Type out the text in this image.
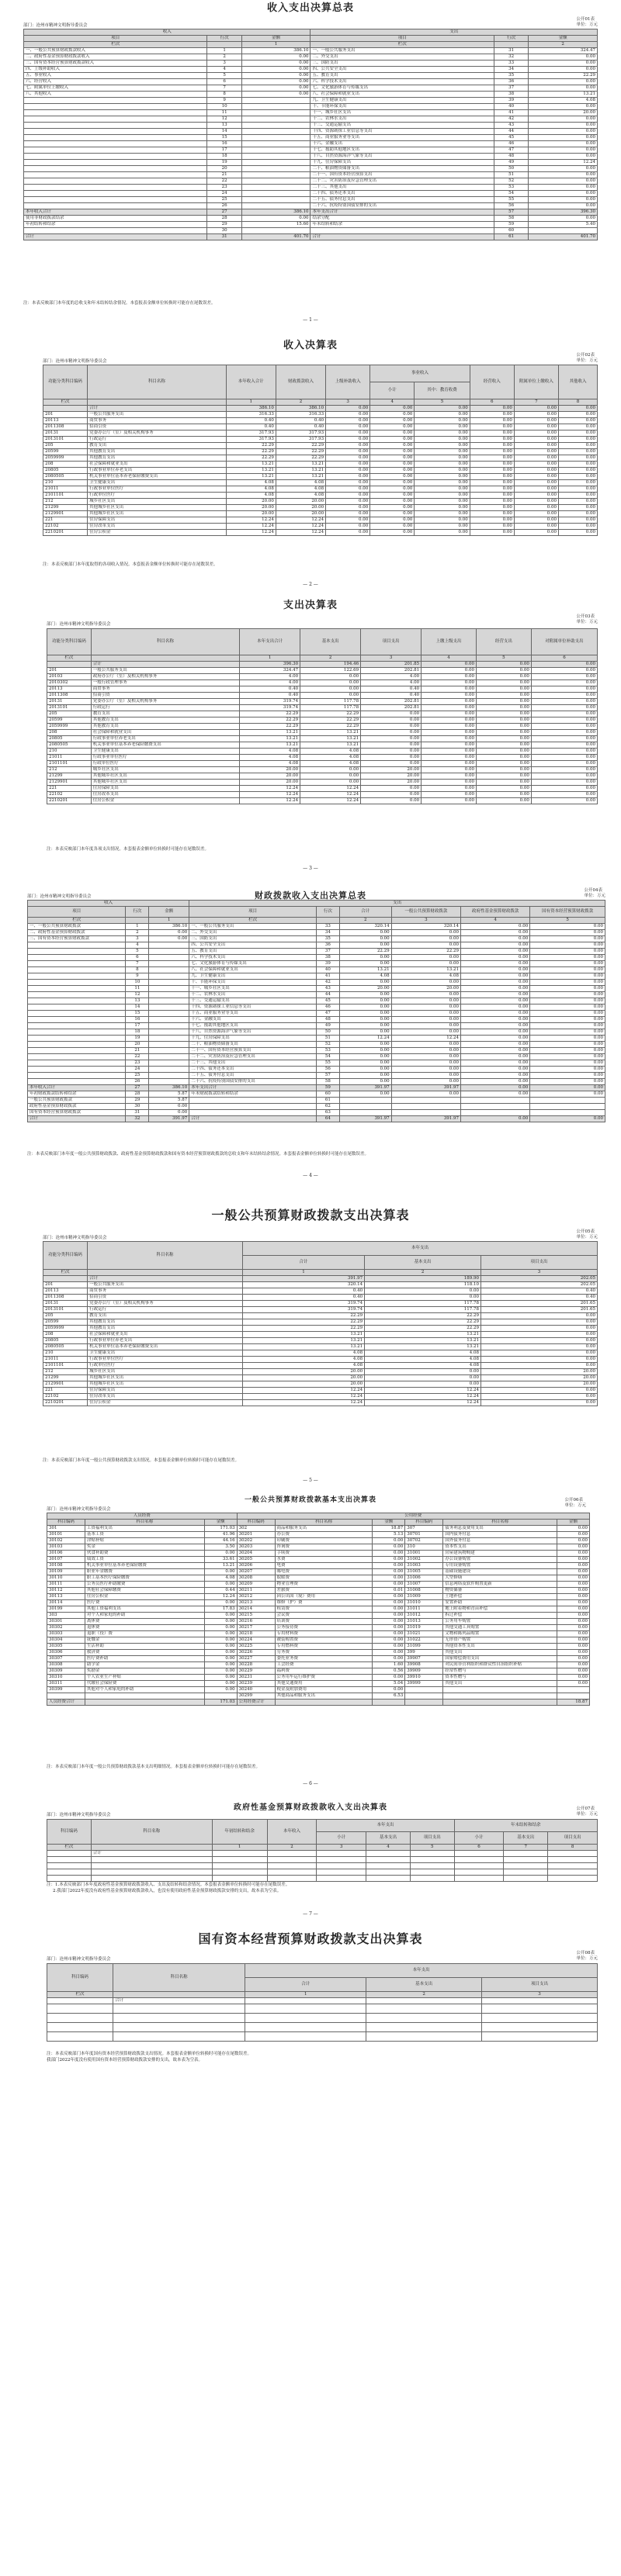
收入支出决算总表
公开01表
单位：万元
部门：沧州市精神文明指导委员会
收入			支出		
项目	行次	金额	项目	行次	金额
栏次		1	栏次		2
一、一般公共预算财政拨款收入	1	386.10	一、一般公共服务支出	31	324.47
二、政府性基金预算财政拨款收入	2	0.00	二、外交支出	32	0.00
三、国有资本经营预算财政拨款收入	3	0.00	三、国防支出	33	0.00
四、上级补助收入	4	0.00	四、公共安全支出	34	0.00
五、事业收入	5	0.00	五、教育支出	35	22.29
六、经营收入	6	0.00	六、科学技术支出	36	0.00
七、附属单位上缴收入	7	0.00	七、文化旅游体育与传媒支出	37	0.00
八、其他收入	8	0.00	八、社会保障和就业支出	38	13.21
	9		九、卫生健康支出	39	4.08
	10		十、节能环保支出	40	0.00
	11		十一、城乡社区支出	41	20.00
	12		十二、农林水支出	42	0.00
	13		十三、交通运输支出	43	0.00
	14		十四、资源勘探工业信息等支出	44	0.00
	15		十五、商业服务业等支出	45	0.00
	16		十六、金融支出	46	0.00
	17		十七、援助其他地区支出	47	0.00
	18		十八、自然资源海洋气象等支出	48	0.00
	19		十九、住房保障支出	49	12.24
	20		二十、粮油物资储备支出	50	0.00
	21		二十一、国有资本经营预算支出	51	0.00
	22		二十二、灾害防治及应急管理支出	52	0.00
	23		二十三、其他支出	53	0.00
	24		二十四、债务还本支出	54	0.00
	25		二十五、债务付息支出	55	0.00
	26		二十六、抗疫特别国债安排的支出	56	0.00
本年收入合计	27	386.10	本年支出合计	57	396.30
使用非财政拨款结余	28	0.00	结余分配	58	0.00
年初结转和结余	29	15.60	年末结转和结余	59	5.40
	30			60	
合计	31	401.70	合计	61	401.70
注：本表反映部门本年度的总收支和年末结转结余情况。本套报表金额单位转换时可能存在尾数误差。
— 1 —
收入决算表
公开02表
单位：万元
部门：沧州市精神文明指导委员会
功能分类科目编码	科目名称	本年收入合计	财政拨款收入	上级补助收入	事业收入		经营收入	附属单位上缴收入	其他收入
					小计	其中：教育收费			
栏次		1	2	3	4	5	6	7	8
	合计	386.10	386.10	0.00	0.00	0.00	0.00	0.00	0.00
201	一般公共服务支出	316.33	316.33	0.00	0.00	0.00	0.00	0.00	0.00
20113	商贸事务	0.40	0.40	0.00	0.00	0.00	0.00	0.00	0.00
2011308	招商引资	0.40	0.40	0.00	0.00	0.00	0.00	0.00	0.00
20131	党委办公厅（室）及相关机构事务	317.93	317.93	0.00	0.00	0.00	0.00	0.00	0.00
2013101	行政运行	317.93	317.93	0.00	0.00	0.00	0.00	0.00	0.00
205	教育支出	22.29	22.29	0.00	0.00	0.00	0.00	0.00	0.00
20599	其他教育支出	22.29	22.29	0.00	0.00	0.00	0.00	0.00	0.00
2059999	其他教育支出	22.29	22.29	0.00	0.00	0.00	0.00	0.00	0.00
208	社会保障和就业支出	13.21	13.21	0.00	0.00	0.00	0.00	0.00	0.00
20805	行政事业单位养老支出	13.21	13.21	0.00	0.00	0.00	0.00	0.00	0.00
2080505	机关事业单位基本养老保险缴费支出	13.21	13.21	0.00	0.00	0.00	0.00	0.00	0.00
210	卫生健康支出	4.08	4.08	0.00	0.00	0.00	0.00	0.00	0.00
21011	行政事业单位医疗	4.08	4.08	0.00	0.00	0.00	0.00	0.00	0.00
2101101	行政单位医疗	4.08	4.08	0.00	0.00	0.00	0.00	0.00	0.00
212	城乡社区支出	20.00	20.00	0.00	0.00	0.00	0.00	0.00	0.00
21299	其他城乡社区支出	20.00	20.00	0.00	0.00	0.00	0.00	0.00	0.00
2129901	其他城乡社区支出	20.00	20.00	0.00	0.00	0.00	0.00	0.00	0.00
221	住房保障支出	12.24	12.24	0.00	0.00	0.00	0.00	0.00	0.00
22102	住房改革支出	12.24	12.24	0.00	0.00	0.00	0.00	0.00	0.00
2210201	住房公积金	12.24	12.24	0.00	0.00	0.00	0.00	0.00	0.00
注：本表反映部门本年度取得的各项收入情况。本套报表金额单位转换时可能存在尾数误差。
— 2 —
支出决算表
公开03表
单位：万元
部门：沧州市精神文明指导委员会
功能分类科目编码	科目名称	本年支出合计	基本支出	项目支出	上缴上级支出	经营支出	对附属单位补助支出
栏次		1	2	3	4	5	6
	合计	396.30	194.46	201.85	0.00	0.00	0.00
201	一般公共服务支出	324.47	122.69	202.81	0.00	0.00	0.00
20103	政府办公厅（室）及相关机构事务	4.00	0.00	4.00	0.00	0.00	0.00
2010302	一般行政管理事务	4.00	0.00	4.00	0.00	0.00	0.00
20113	商贸事务	0.40	0.00	0.40	0.00	0.00	0.00
2011308	招商引资	0.40	0.00	0.40	0.00	0.00	0.00
20131	党委办公厅（室）及相关机构事务	319.74	117.78	202.81	0.00	0.00	0.00
2013101	行政运行	319.74	117.78	202.81	0.00	0.00	0.00
205	教育支出	22.29	22.29	0.00	0.00	0.00	0.00
20599	其他教育支出	22.29	22.29	0.00	0.00	0.00	0.00
2059999	其他教育支出	22.29	22.29	0.00	0.00	0.00	0.00
208	社会保障和就业支出	13.21	13.21	0.00	0.00	0.00	0.00
20805	行政事业单位养老支出	13.21	13.21	0.00	0.00	0.00	0.00
2080505	机关事业单位基本养老保险缴费支出	13.21	13.21	0.00	0.00	0.00	0.00
210	卫生健康支出	4.08	4.08	0.00	0.00	0.00	0.00
21011	行政事业单位医疗	4.08	4.08	0.00	0.00	0.00	0.00
2101101	行政单位医疗	4.08	4.08	0.00	0.00	0.00	0.00
212	城乡社区支出	20.00	0.00	20.00	0.00	0.00	0.00
21299	其他城乡社区支出	20.00	0.00	20.00	0.00	0.00	0.00
2129901	其他城乡社区支出	20.00	0.00	20.00	0.00	0.00	0.00
221	住房保障支出	12.24	12.24	0.00	0.00	0.00	0.00
22102	住房改革支出	12.24	12.24	0.00	0.00	0.00	0.00
2210201	住房公积金	12.24	12.24	0.00	0.00	0.00	0.00
注：本表反映部门本年度各项支出情况。本套报表金额单位转换时可能存在尾数误差。
— 3 —
财政拨款收入支出决算总表	公开04表
单位：万元
部门：沧州市精神文明指导委员会
收入			支出					
项目	行次	金额	项目	行次	合计	一般公共预算财政拨款	政府性基金预算财政拨款	国有资本经营预算财政拨款
栏次		1	栏次		2	3	4	5
一、一般公共预算财政拨款	1	386.10	一、一般公共服务支出	33	320.14	320.14	0.00	0.00
二、政府性基金预算财政拨款	2	0.00	二、外交支出	34	0.00	0.00	0.00	0.00
三、国有资本经营预算财政拨款	3	0.00	三、国防支出	35	0.00	0.00	0.00	0.00
	4		四、公共安全支出	36	0.00	0.00	0.00	0.00
	5		五、教育支出	37	22.29	22.29	0.00	0.00
	6		六、科学技术支出	38	0.00	0.00	0.00	0.00
	7		七、文化旅游体育与传媒支出	39	0.00	0.00	0.00	0.00
	8		八、社会保障和就业支出	40	13.21	13.21	0.00	0.00
	9		九、卫生健康支出	41	4.08	4.08	0.00	0.00
	10		十、节能环保支出	42	0.00	0.00	0.00	0.00
	11		十一、城乡社区支出	43	20.00	20.00	0.00	0.00
	12		十二、农林水支出	44	0.00	0.00	0.00	0.00
	13		十三、交通运输支出	45	0.00	0.00	0.00	0.00
	14		十四、资源勘探工业信息等支出	46	0.00	0.00	0.00	0.00
	15		十五、商业服务业等支出	47	0.00	0.00	0.00	0.00
	16		十六、金融支出	48	0.00	0.00	0.00	0.00
	17		十七、援助其他地区支出	49	0.00	0.00	0.00	0.00
	18		十八、自然资源海洋气象等支出	50	0.00	0.00	0.00	0.00
	19		十九、住房保障支出	51	12.24	12.24	0.00	0.00
	20		二十、粮油物资储备支出	52	0.00	0.00	0.00	0.00
	21		二十一、国有资本经营预算支出	53	0.00	0.00	0.00	0.00
	22		二十二、灾害防治及应急管理支出	54	0.00	0.00	0.00	0.00
	23		二十三、其他支出	55	0.00	0.00	0.00	0.00
	24		二十四、债务还本支出	56	0.00	0.00	0.00	0.00
	25		二十五、债务付息支出	57	0.00	0.00	0.00	0.00
	26		二十六、抗疫特别国债安排的支出	58	0.00	0.00	0.00	0.00
本年收入合计	27	386.10	本年支出合计	59	391.97	391.97	0.00	0.00
年初财政拨款结转和结余	28	5.87	年末财政拨款结转和结余	60	0.00	0.00	0.00	0.00
一般公共预算财政拨款	29	5.87		61				
政府性基金预算财政拨款	30	0.00		62				
国有资本经营预算财政拨款	31	0.00		63				
合计	32	391.97	合计	64	391.97	391.97	0.00	0.00
注：本表反映部门本年度一般公共预算财政拨款、政府性基金预算财政拨款和国有资本经营预算财政拨款的总收支和年末结转结余情况。本套报表金额单位转换时可能存在尾数误差。
— 4 —
一般公共预算财政拨款支出决算表
公开05表
单位：万元
部门：沧州市精神文明指导委员会
功能分类科目编码	科目名称	本年支出		
		合计	基本支出	项目支出
栏次		1	2	3
	合计	391.97	189.90	202.05
201	一般公共服务支出	320.14	118.10	202.05
20113	商贸事务	0.40	0.00	0.40
2011308	招商引资	0.40	0.00	0.40
20131	党委办公厅（室）及相关机构事务	319.74	117.78	201.65
2013101	行政运行	319.74	117.78	201.65
205	教育支出	22.29	22.29	0.00
20599	其他教育支出	22.29	22.29	0.00
2059999	其他教育支出	22.29	22.29	0.00
208	社会保障和就业支出	13.21	13.21	0.00
20805	行政事业单位养老支出	13.21	13.21	0.00
2080505	机关事业单位基本养老保险缴费支出	13.21	13.21	0.00
210	卫生健康支出	4.08	4.08	0.00
21011	行政事业单位医疗	4.08	4.08	0.00
2101101	行政单位医疗	4.08	4.08	0.00
212	城乡社区支出	20.00	0.00	20.00
21299	其他城乡社区支出	20.00	0.00	20.00
2129901	其他城乡社区支出	20.00	0.00	20.00
221	住房保障支出	12.24	12.24	0.00
22102	住房改革支出	12.24	12.24	0.00
2210201	住房公积金	12.24	12.24	0.00
注：本表反映部门本年度一般公共预算财政拨款支出情况。本套报表金额单位转换时可能存在尾数误差。
— 5 —
一般公共预算财政拨款基本支出决算表	公开06表
单位：万元
部门：沧州市精神文明指导委员会
人员经费			公用经费					
科目编码	科目名称	金额	科目编码	科目名称	金额	科目编码	科目名称	金额
301	工资福利支出	171.03	302	商品和服务支出	18.87	307	债务利息及费用支出	0.00
30101	基本工资	41.96	30201	办公费	5.13	30701	国内债务付息	0.00
30102	津贴补贴	44.16	30202	印刷费	0.00	30702	国外债务付息	0.00
30103	奖金	3.50	30203	咨询费	0.00	310	资本性支出	0.00
30106	伙食补助费	0.00	30204	手续费	0.00	31001	房屋建筑物购建	0.00
30107	绩效工资	33.61	30205	水费	0.00	31002	办公设备购置	0.00
30108	机关事业单位基本养老保险缴费	13.21	30206	电费	0.00	31003	专用设备购置	0.00
30109	职业年金缴费	0.00	30207	邮电费	0.00	31005	基础设施建设	0.00
30110	职工基本医疗保险缴费	4.08	30208	取暖费	0.00	31006	大型修缮	0.00
30111	公务员医疗补助缴费	0.00	30209	物业管理费	0.00	31007	信息网络及软件购置更新	0.00
30112	其他社会保障缴费	0.44	30211	差旅费	0.01	31008	物资储备	0.00
30113	住房公积金	12.24	30212	因公出国（境）费用	0.00	31009	土地补偿	0.00
30114	医疗费	0.00	30213	维修（护）费	0.00	31010	安置补助	0.00
30199	其他工资福利支出	17.83	30214	租赁费	0.00	31011	地上附着物和青苗补偿	0.00
303	对个人和家庭的补助	0.00	30215	会议费	0.00	31012	拆迁补偿	0.00
30301	离休费	0.00	30216	培训费	0.00	31013	公务用车购置	0.00
30302	退休费	0.00	30217	公务接待费	0.00	31019	其他交通工具购置	0.00
30303	退职（役）费	0.00	30218	专用材料费	0.00	31021	文物和陈列品购置	0.00
30304	抚恤金	0.00	30224	被装购置费	0.00	31022	无形资产购置	0.00
30305	生活补助	0.00	30225	专用燃料费	0.00	31099	其他资本性支出	0.00
30306	救济费	0.00	30226	劳务费	0.00	399	其他支出	0.00
30307	医疗费补助	0.00	30227	委托业务费	0.00	39907	国家赔偿费用支出	0.00
30308	助学金	0.00	30228	工会经费	1.60	39908	对民间非营利组织和群众性自治组织补贴	0.00
30309	奖励金	0.00	30229	福利费	0.56	39909	经常性赠与	0.00
30310	个人农业生产补贴	0.00	30231	公务用车运行维护费	0.00	39910	资本性赠与	0.00
30311	代缴社会保险费	0.00	30239	其他交通费用	5.04	39999	其他支出	0.00
30399	其他对个人和家庭的补助	0.00	30240	税金及附加费用	0.00			
			30299	其他商品和服务支出	6.53			
人员经费合计		171.03	公用经费合计					18.87
注：本表反映部门本年度一般公共预算财政拨款基本支出明细情况。本套报表金额单位转换时可能存在尾数误差。
— 6 —
政府性基金预算财政拨款收入支出决算表	公开07表
单位：万元
部门：沧州市精神文明指导委员会
科目编码	科目名称	年初结转和结余	本年收入	本年支出			年末结转和结余		
				小计	基本支出	项目支出	小计	基本支出	项目支出
栏次		1	2	3	4	5	6	7	8
	合计								

注：1.本表反映部门本年度政府性基金预算财政拨款收入、支出及结转和结余情况。本套报表金额单位转换时可能存在尾数误差。
2.我部门2022年度没有政府性基金预算财政拨款收入，也没有使用政府性基金预算财政拨款安排的支出，故本表为空表。
— 7 —
国有资本经营预算财政拨款支出决算表
公开08表
单位：万元
部门：沧州市精神文明指导委员会
科目编码	科目名称	本年支出		
		合计	基本支出	项目支出
栏次		1	2	3
	合计			

注：本表反映部门本年度国有资本经营预算财政拨款支出情况。本套报表金额单位转换时可能存在尾数误差。
我部门2022年度没有使用国有资本经营预算财政拨款安排的支出，故本表为空表。
